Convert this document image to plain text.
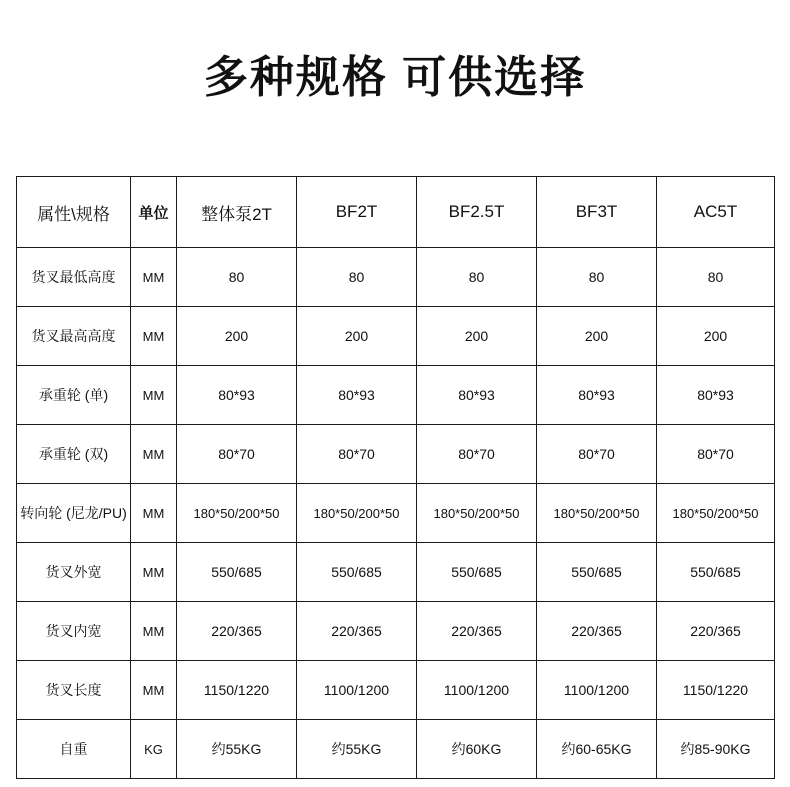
多种规格 可供选择
属性\规格	单位	整体泵2T	BF2T	BF2.5T	BF3T	AC5T
货叉最低高度	MM	80	80	80	80	80
货叉最高高度	MM	200	200	200	200	200
承重轮 (单)	MM	80*93	80*93	80*93	80*93	80*93
承重轮 (双)	MM	80*70	80*70	80*70	80*70	80*70
转向轮 (尼龙/PU)	MM	180*50/200*50	180*50/200*50	180*50/200*50	180*50/200*50	180*50/200*50
货叉外宽	MM	550/685	550/685	550/685	550/685	550/685
货叉内宽	MM	220/365	220/365	220/365	220/365	220/365
货叉长度	MM	1150/1220	1100/1200	1100/1200	1100/1200	1150/1220
自重	KG	约55KG	约55KG	约60KG	约60-65KG	约85-90KG
